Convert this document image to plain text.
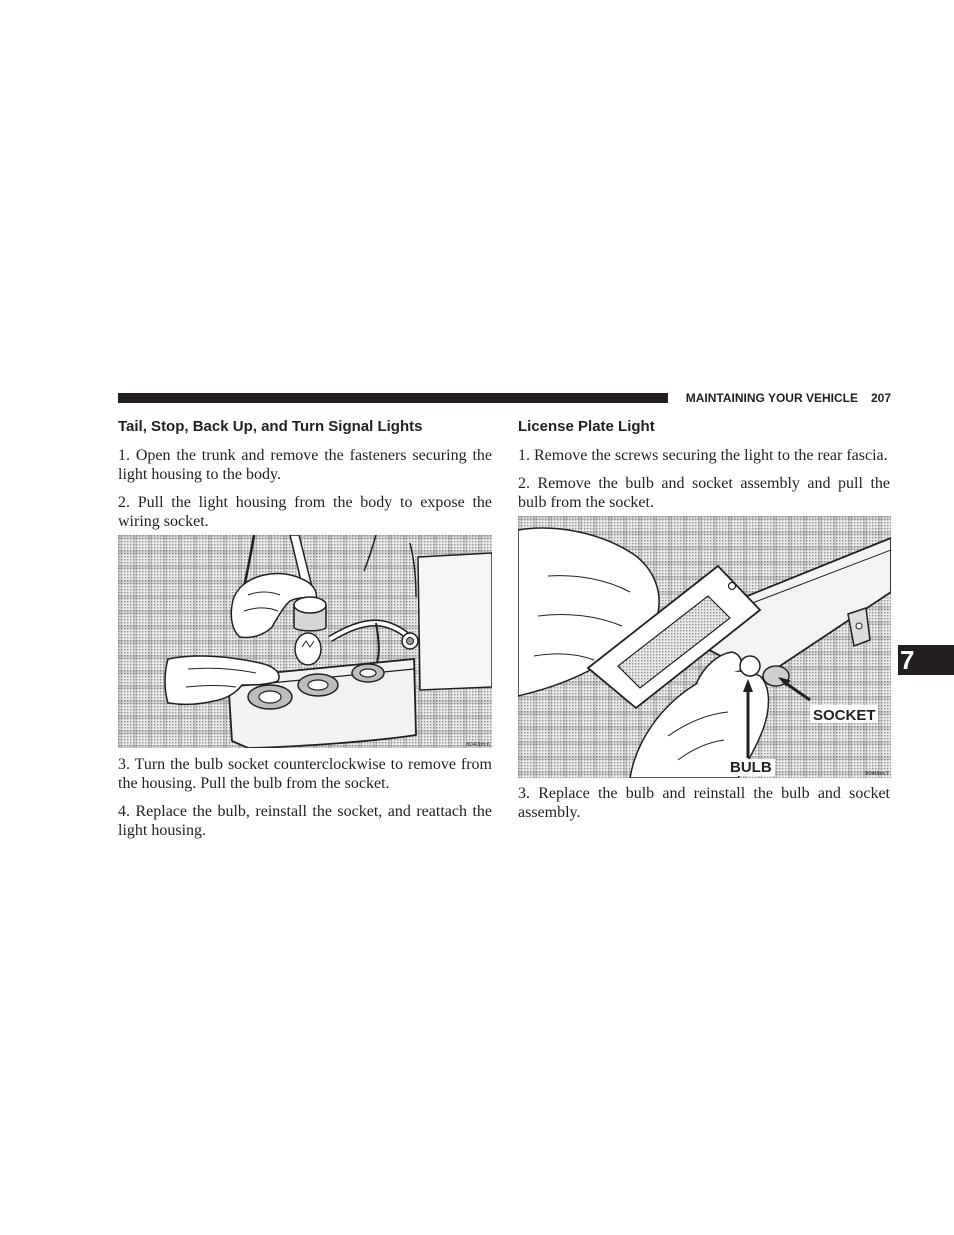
MAINTAINING YOUR VEHICLE 207
7
Tail, Stop, Back Up, and Turn Signal Lights

1. Open the trunk and remove the fasteners securing the light housing to the body.

2. Pull the light housing from the body to expose the wiring socket.

8040bfc6

3. Turn the bulb socket counterclockwise to remove from the housing. Pull the bulb from the socket.

4. Replace the bulb, reinstall the socket, and reattach the light housing.

License Plate Light

1. Remove the screws securing the light to the rear fascia.

2. Remove the bulb and socket assembly and pull the bulb from the socket.

SOCKET
BULB	8040bfc7

3. Replace the bulb and reinstall the bulb and socket assembly.
